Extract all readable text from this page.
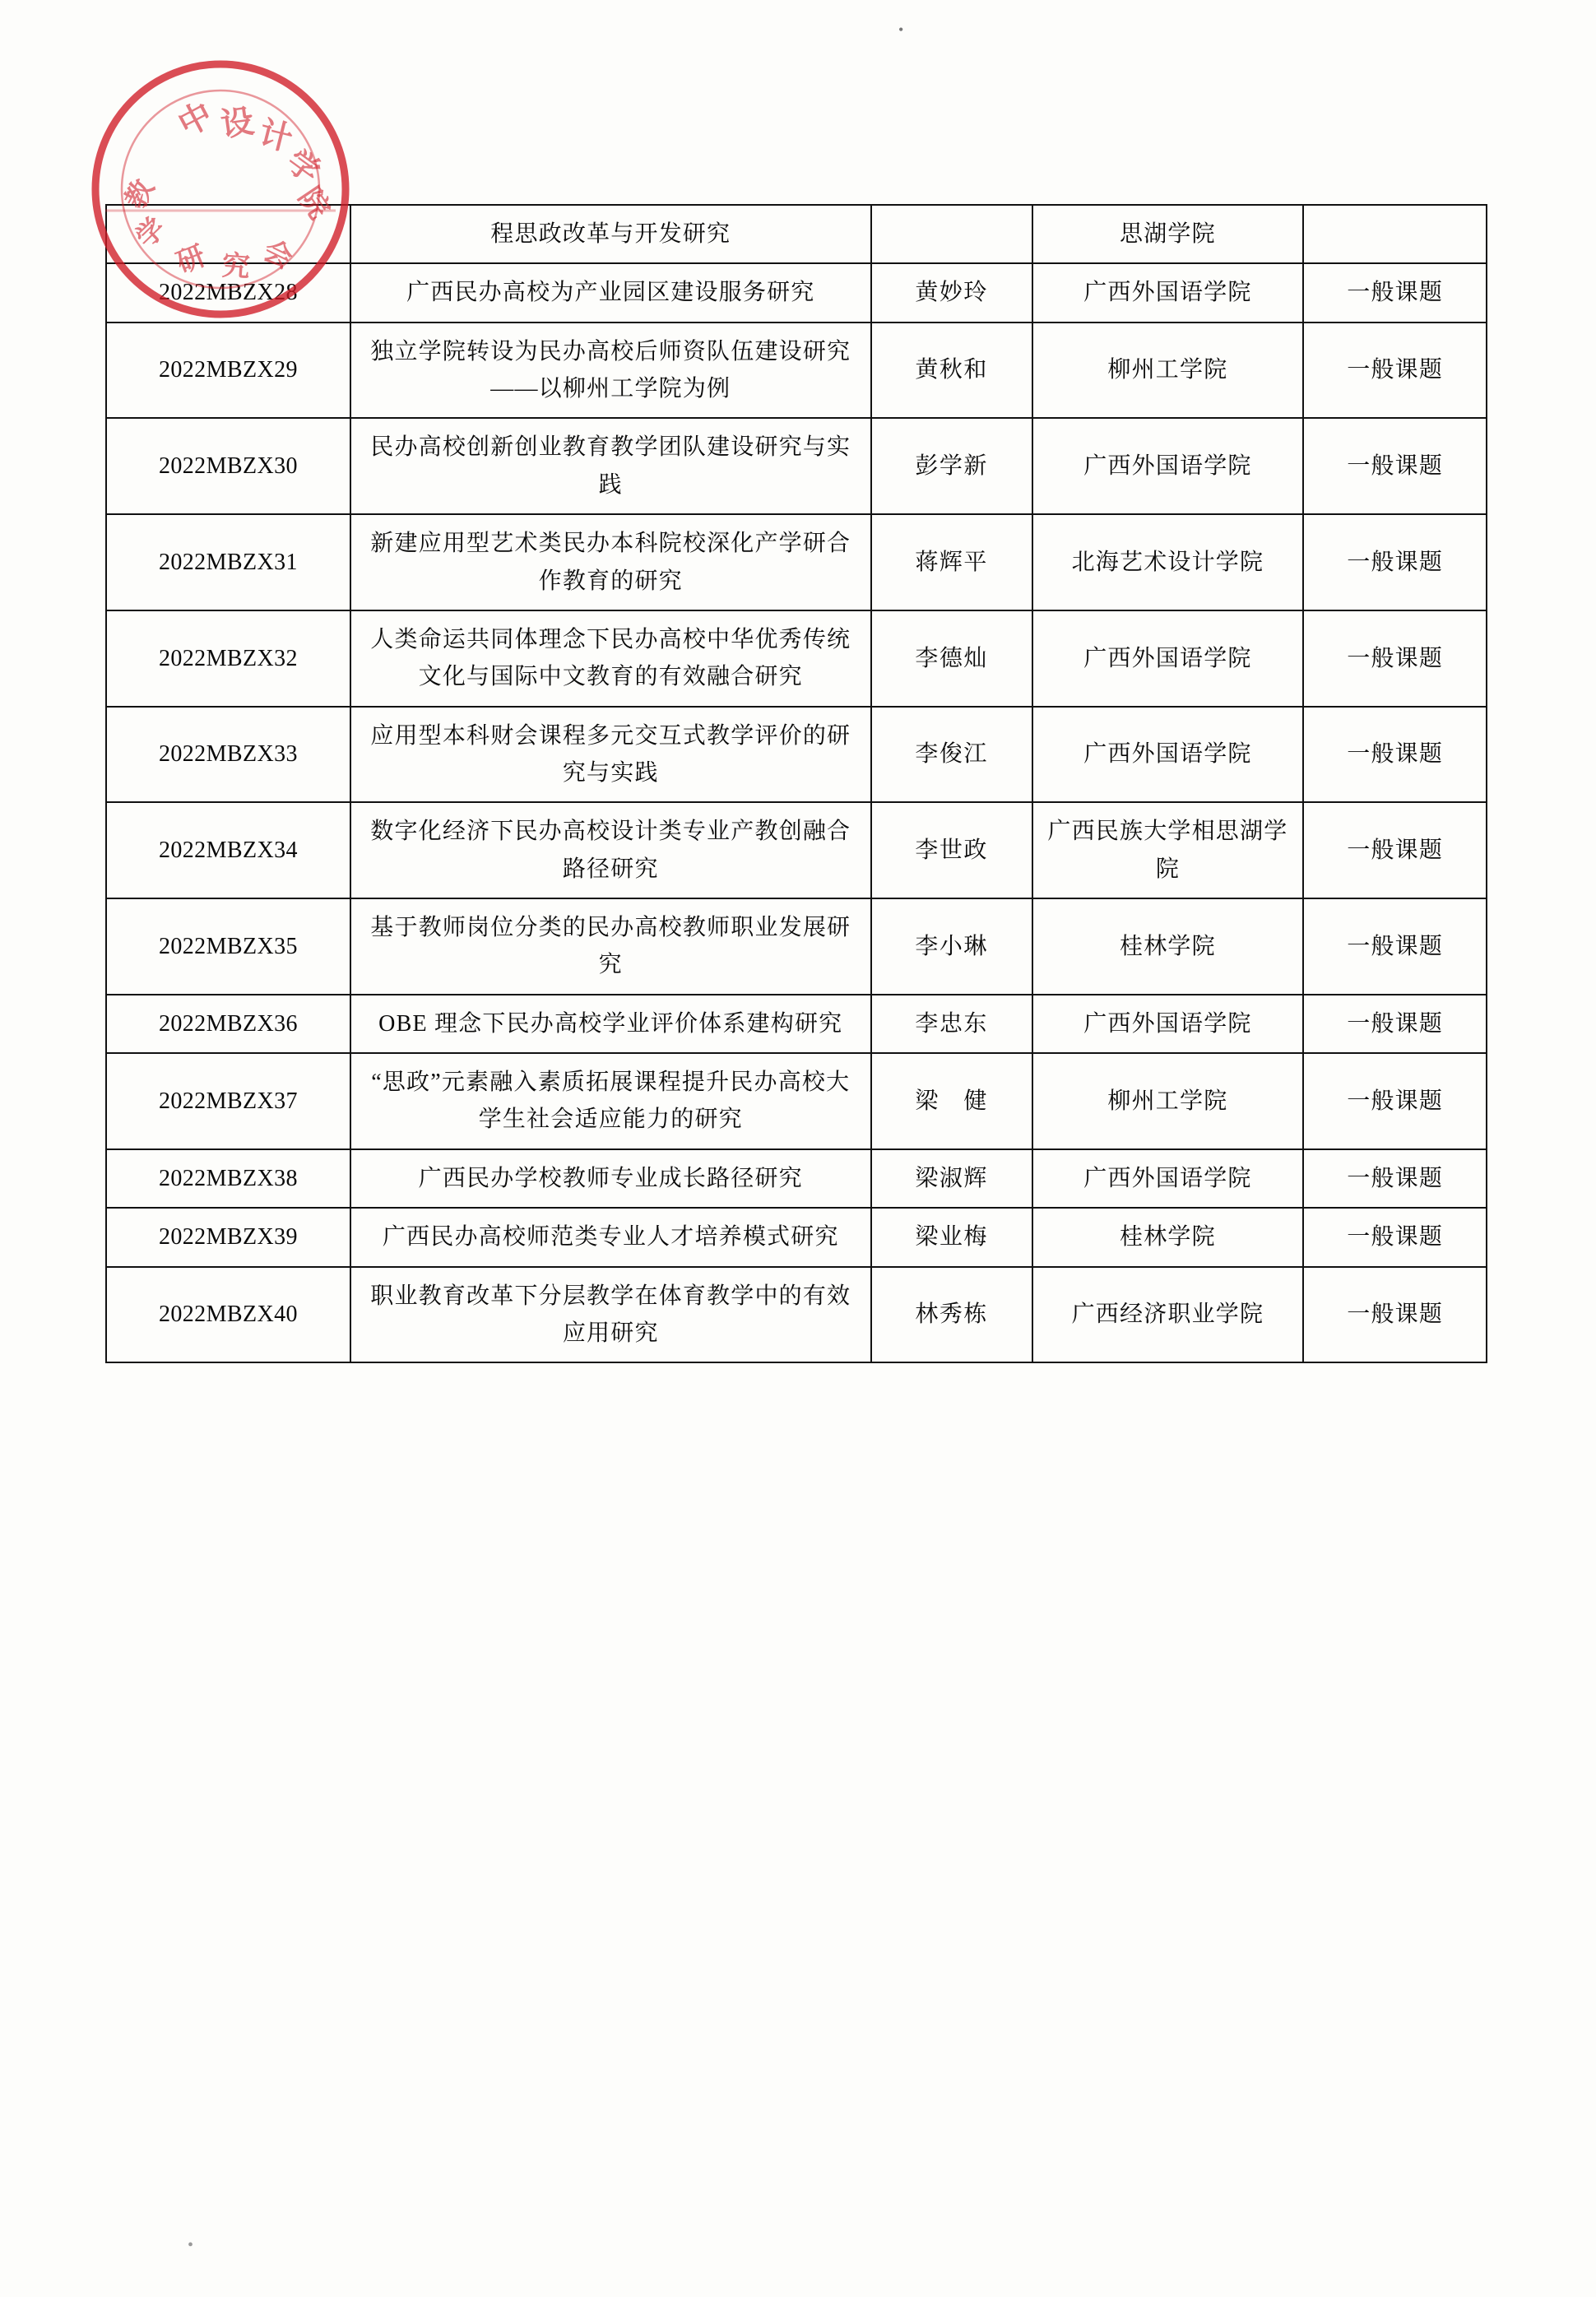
•
	程思政改革与开发研究		思湖学院	
2022MBZX28	广西民办高校为产业园区建设服务研究	黄妙玲	广西外国语学院	一般课题
2022MBZX29	独立学院转设为民办高校后师资队伍建设研究——以柳州工学院为例	黄秋和	柳州工学院	一般课题
2022MBZX30	民办高校创新创业教育教学团队建设研究与实践	彭学新	广西外国语学院	一般课题
2022MBZX31	新建应用型艺术类民办本科院校深化产学研合作教育的研究	蒋辉平	北海艺术设计学院	一般课题
2022MBZX32	人类命运共同体理念下民办高校中华优秀传统文化与国际中文教育的有效融合研究	李德灿	广西外国语学院	一般课题
2022MBZX33	应用型本科财会课程多元交互式教学评价的研究与实践	李俊江	广西外国语学院	一般课题
2022MBZX34	数字化经济下民办高校设计类专业产教创融合路径研究	李世政	广西民族大学相思湖学院	一般课题
2022MBZX35	基于教师岗位分类的民办高校教师职业发展研究	李小琳	桂林学院	一般课题
2022MBZX36	OBE 理念下民办高校学业评价体系建构研究	李忠东	广西外国语学院	一般课题
2022MBZX37	“思政”元素融入素质拓展课程提升民办高校大学生社会适应能力的研究	梁　健	柳州工学院	一般课题
2022MBZX38	广西民办学校教师专业成长路径研究	梁淑辉	广西外国语学院	一般课题
2022MBZX39	广西民办高校师范类专业人才培养模式研究	梁业梅	桂林学院	一般课题
2022MBZX40	职业教育改革下分层教学在体育教学中的有效应用研究	林秀栋	广西经济职业学院	一般课题
中 设 计
学
院
教
学
研 究 会
•
